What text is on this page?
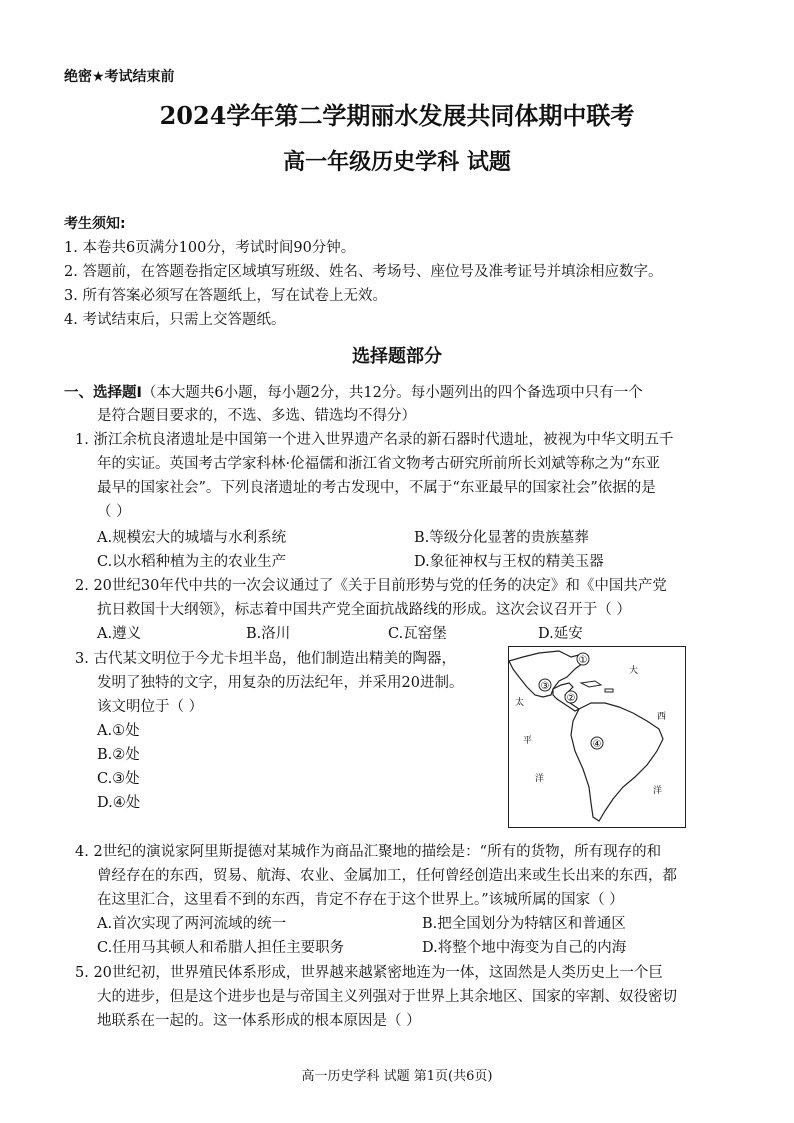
绝密★考试结束前
2024学年第二学期丽水发展共同体期中联考
高一年级历史学科 试题
考生须知:
1. 本卷共6页满分100分，考试时间90分钟。
2. 答题前，在答题卷指定区域填写班级、姓名、考场号、座位号及准考证号并填涂相应数字。
3. 所有答案必须写在答题纸上，写在试卷上无效。
4. 考试结束后，只需上交答题纸。
选择题部分
一、选择题Ⅰ（本大题共6小题，每小题2分，共12分。每小题列出的四个备选项中只有一个
是符合题目要求的，不选、多选、错选均不得分）
1. 浙江余杭良渚遗址是中国第一个进入世界遗产名录的新石器时代遗址，被视为中华文明五千
年的实证。英国考古学家科林·伦福儒和浙江省文物考古研究所前所长刘斌等称之为“东亚
最早的国家社会”。下列良渚遗址的考古发现中，不属于“东亚最早的国家社会”依据的是
（ ）
A.规模宏大的城墙与水利系统	B.等级分化显著的贵族墓葬
C.以水稻种植为主的农业生产	D.象征神权与王权的精美玉器
2. 20世纪30年代中共的一次会议通过了《关于目前形势与党的任务的决定》和《中国共产党
抗日救国十大纲领》，标志着中国共产党全面抗战路线的形成。这次会议召开于（ ）
A.遵义	B.洛川	C.瓦窑堡	D.延安
3. 古代某文明位于今尤卡坦半岛，他们制造出精美的陶器，
发明了独特的文字，用复杂的历法纪年，并采用20进制。
该文明位于（ ）
A.①处
B.②处
C.③处
D.④处
①
②
③
④
大
西
洋
太
平
洋
4. 2世纪的演说家阿里斯提德对某城作为商品汇聚地的描绘是：“所有的货物，所有现存的和
曾经存在的东西，贸易、航海、农业、金属加工，任何曾经创造出来或生长出来的东西，都
在这里汇合，这里看不到的东西，肯定不存在于这个世界上。”该城所属的国家（ ）
A.首次实现了两河流域的统一	B.把全国划分为特辖区和普通区
C.任用马其顿人和希腊人担任主要职务	D.将整个地中海变为自己的内海
5. 20世纪初，世界殖民体系形成，世界越来越紧密地连为一体，这固然是人类历史上一个巨
大的进步，但是这个进步也是与帝国主义列强对于世界上其余地区、国家的宰割、奴役密切
地联系在一起的。这一体系形成的根本原因是（ ）
高一历史学科 试题 第1页(共6页)
